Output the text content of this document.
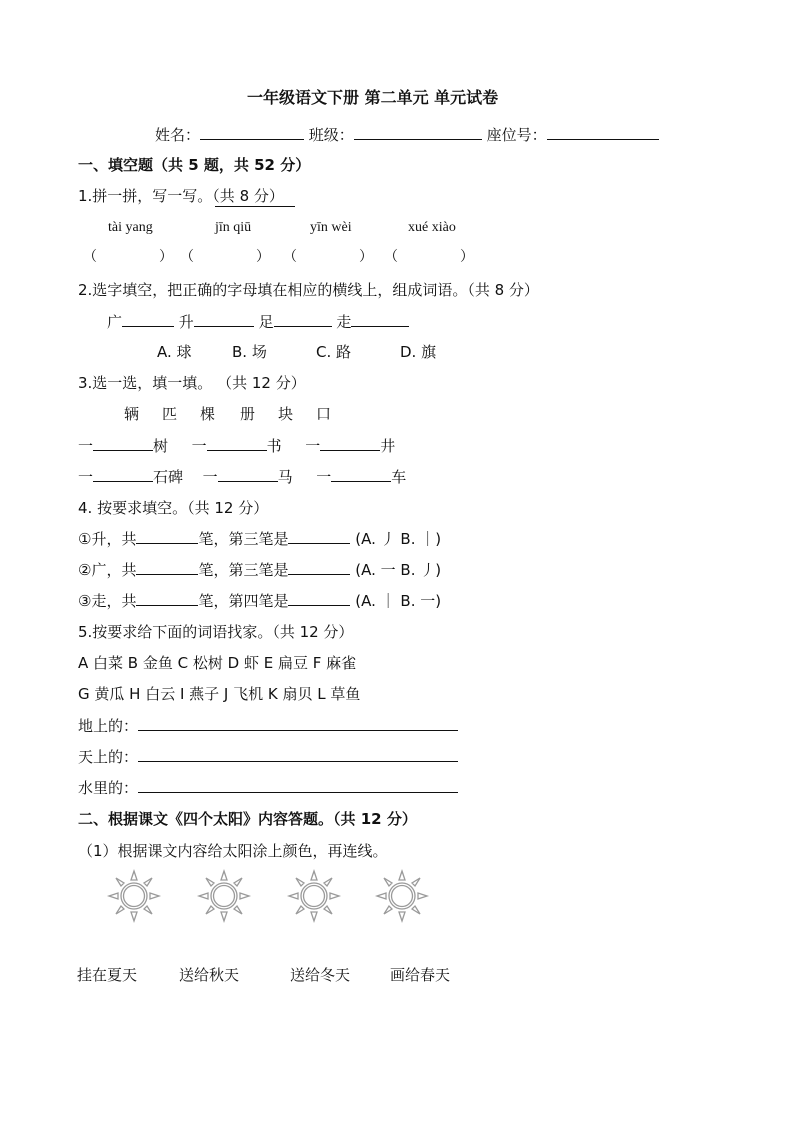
一年级语文下册 第二单元 单元试卷
姓名：	班级：	座位号：
一、填空题（共 5 题，共 52 分）
1.拼一拼，写一写。（共 8 分）
tài yang	jīn qiū	yīn wèi	xué xiào
（	） （	） （	） （	）
2.选字填空，把正确的字母填在相应的横线上，组成词语。（共 8 分）
广	升	足	走
A. 球	B. 场	C. 路	D. 旗
3.选一选，填一填。 （共 12 分）
辆 匹 棵 册 块 口
一	树 一	书 一	井
一	石碑 一	马 一	车
4. 按要求填空。（共 12 分）
①升，共	笔，第三笔是	(A. 丿 B. ｜)
②广，共	笔，第三笔是	(A. 一 B. 丿)
③走，共	笔，第四笔是	(A. ｜ B. 一)
5.按要求给下面的词语找家。（共 12 分）
A 白菜 B 金鱼 C 松树 D 虾 E 扁豆 F 麻雀
G 黄瓜 H 白云 I 燕子 J 飞机 K 扇贝 L 草鱼
地上的：
天上的：
水里的：
二、根据课文《四个太阳》内容答题。（共 12 分）
（1）根据课文内容给太阳涂上颜色，再连线。
挂在夏天	送给秋天	送给冬天	画给春天
